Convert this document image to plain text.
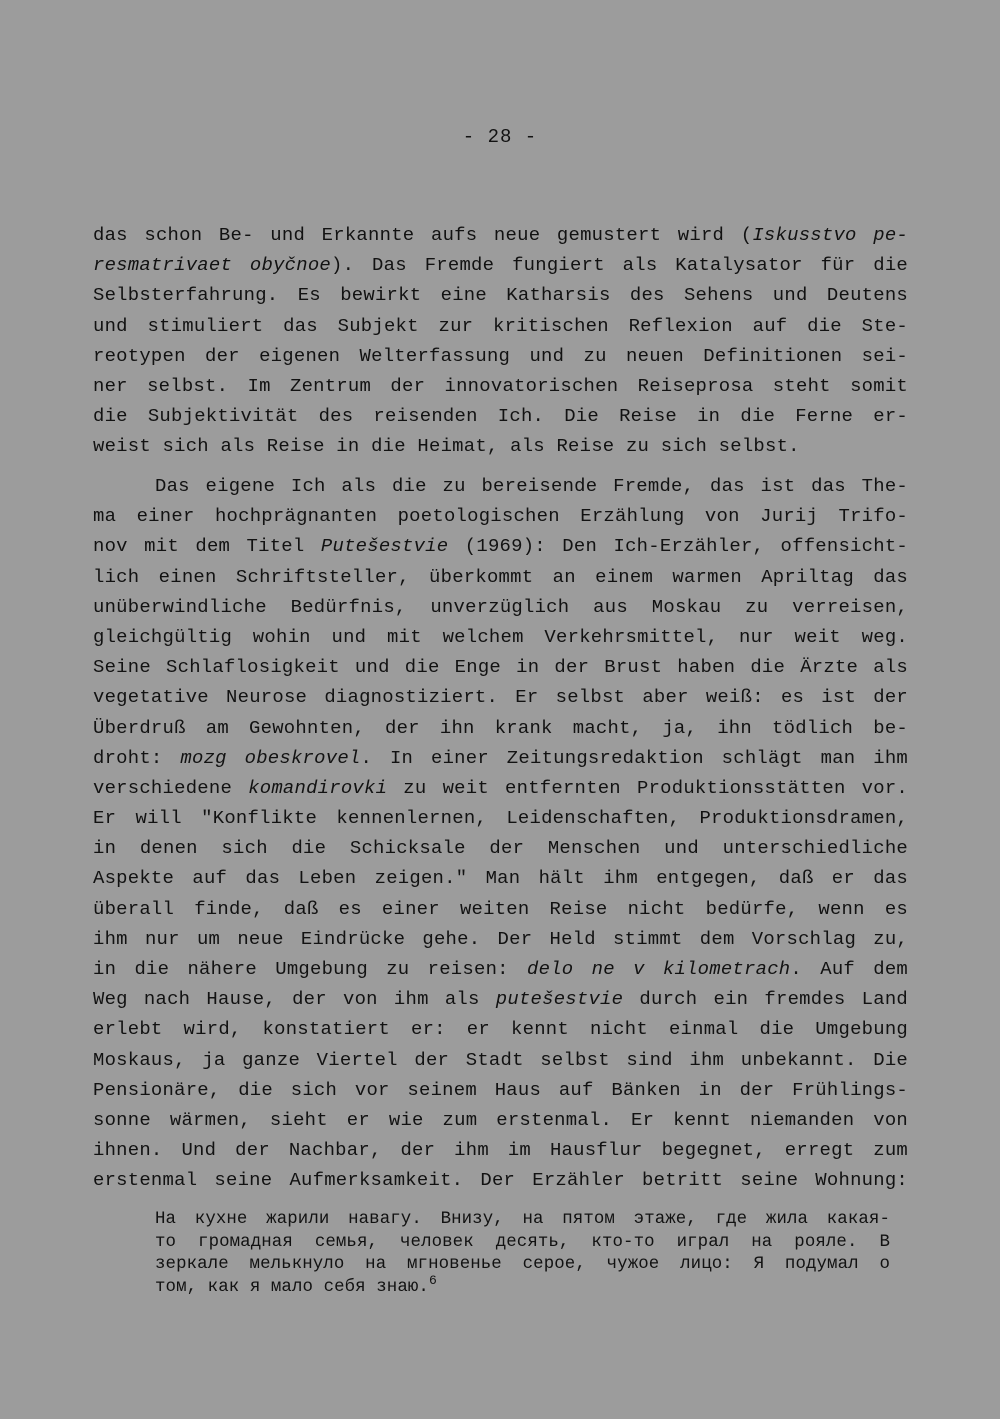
- 28 -
das schon Be- und Erkannte aufs neue gemustert wird (Iskusstvo pe-
resmatrivaet obyčnoe). Das Fremde fungiert als Katalysator für die
Selbsterfahrung. Es bewirkt eine Katharsis des Sehens und Deutens
und stimuliert das Subjekt zur kritischen Reflexion auf die Ste-
reotypen der eigenen Welterfassung und zu neuen Definitionen sei-
ner selbst. Im Zentrum der innovatorischen Reiseprosa steht somit
die Subjektivität des reisenden Ich. Die Reise in die Ferne er-
weist sich als Reise in die Heimat, als Reise zu sich selbst.
Das eigene Ich als die zu bereisende Fremde, das ist das The-
ma einer hochprägnanten poetologischen Erzählung von Jurij Trifo-
nov mit dem Titel Putešestvie (1969): Den Ich-Erzähler, offensicht-
lich einen Schriftsteller, überkommt an einem warmen Apriltag das
unüberwindliche Bedürfnis, unverzüglich aus Moskau zu verreisen,
gleichgültig wohin und mit welchem Verkehrsmittel, nur weit weg.
Seine Schlaflosigkeit und die Enge in der Brust haben die Ärzte als
vegetative Neurose diagnostiziert. Er selbst aber weiß: es ist der
Überdruß am Gewohnten, der ihn krank macht, ja, ihn tödlich be-
droht: mozg obeskrovel. In einer Zeitungsredaktion schlägt man ihm
verschiedene komandirovki zu weit entfernten Produktionsstätten vor.
Er will "Konflikte kennenlernen, Leidenschaften, Produktionsdramen,
in denen sich die Schicksale der Menschen und unterschiedliche
Aspekte auf das Leben zeigen." Man hält ihm entgegen, daß er das
überall finde, daß es einer weiten Reise nicht bedürfe, wenn es
ihm nur um neue Eindrücke gehe. Der Held stimmt dem Vorschlag zu,
in die nähere Umgebung zu reisen: delo ne v kilometrach. Auf dem
Weg nach Hause, der von ihm als putešestvie durch ein fremdes Land
erlebt wird, konstatiert er: er kennt nicht einmal die Umgebung
Moskaus, ja ganze Viertel der Stadt selbst sind ihm unbekannt. Die
Pensionäre, die sich vor seinem Haus auf Bänken in der Frühlings-
sonne wärmen, sieht er wie zum erstenmal. Er kennt niemanden von
ihnen. Und der Nachbar, der ihm im Hausflur begegnet, erregt zum
erstenmal seine Aufmerksamkeit. Der Erzähler betritt seine Wohnung:
На кухне жарили навагу. Внизу, на пятом этаже, где жила какая-
то громадная семья, человек десять, кто-то играл на рояле. В
зеркале мелькнуло на мгновенье серое, чужое лицо: Я подумал о
том, как я мало себя знаю.$^6$
